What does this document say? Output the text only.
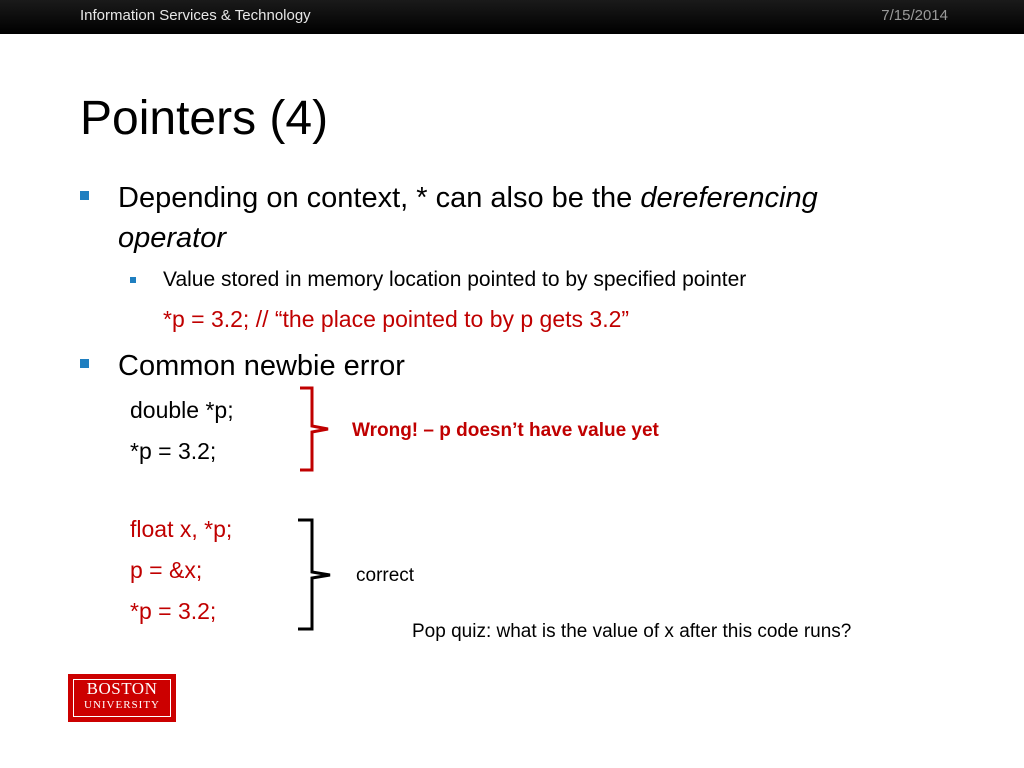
Information Services & Technology	7/15/2014
Pointers (4)
Depending on context, * can also be the dereferencing
operator
Value stored in memory location pointed to by specified pointer
*p = 3.2; // “the place pointed to by p gets 3.2”
Common newbie error
double *p;
*p = 3.2;
Wrong! – p doesn’t have value yet
float x, *p;
p = &x;
*p = 3.2;
correct
Pop quiz: what is the value of x after this code runs?
BOSTON
UNIVERSITY
